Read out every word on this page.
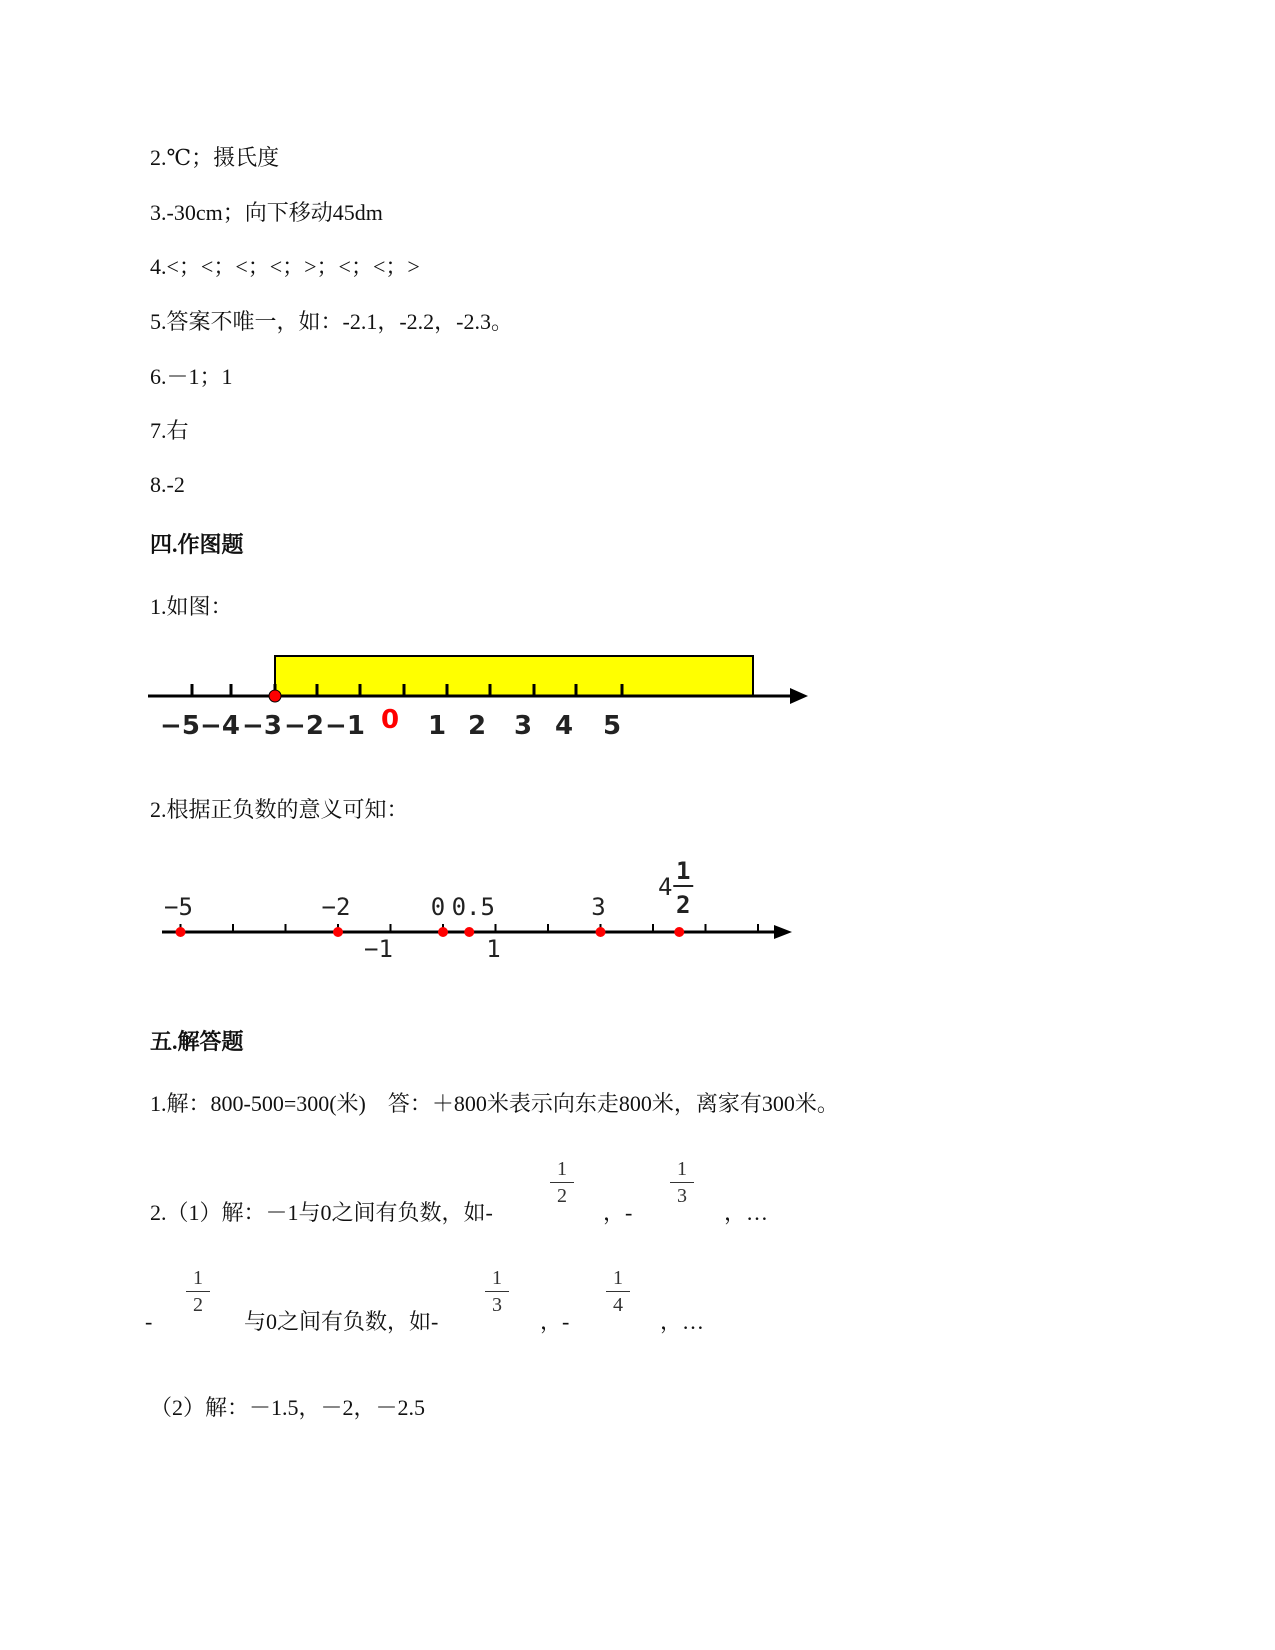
2.℃；摄氏度
3.-30cm；向下移动45dm
4.<；<；<；<；>；<；<；>
5.答案不唯一，如：-2.1，-2.2，-2.3。
6.－1；1
7.右
8.-2
四.作图题
1.如图：
−5 −4 −3 −2 −1 0 1 2 3 4 5
2.根据正负数的意义可知：
−5	−2	0 0.5	3
−1	1
4
1
2
五.解答题
1.解：800-500=300(米)　答：＋800米表示向东走800米，离家有300米。
2.（1）解：－1与0之间有负数，如-
1
2
，-
1
3
，…
-
1
2
与0之间有负数，如-
1
3
，-
1
4
，…
（2）解：－1.5，－2，－2.5
